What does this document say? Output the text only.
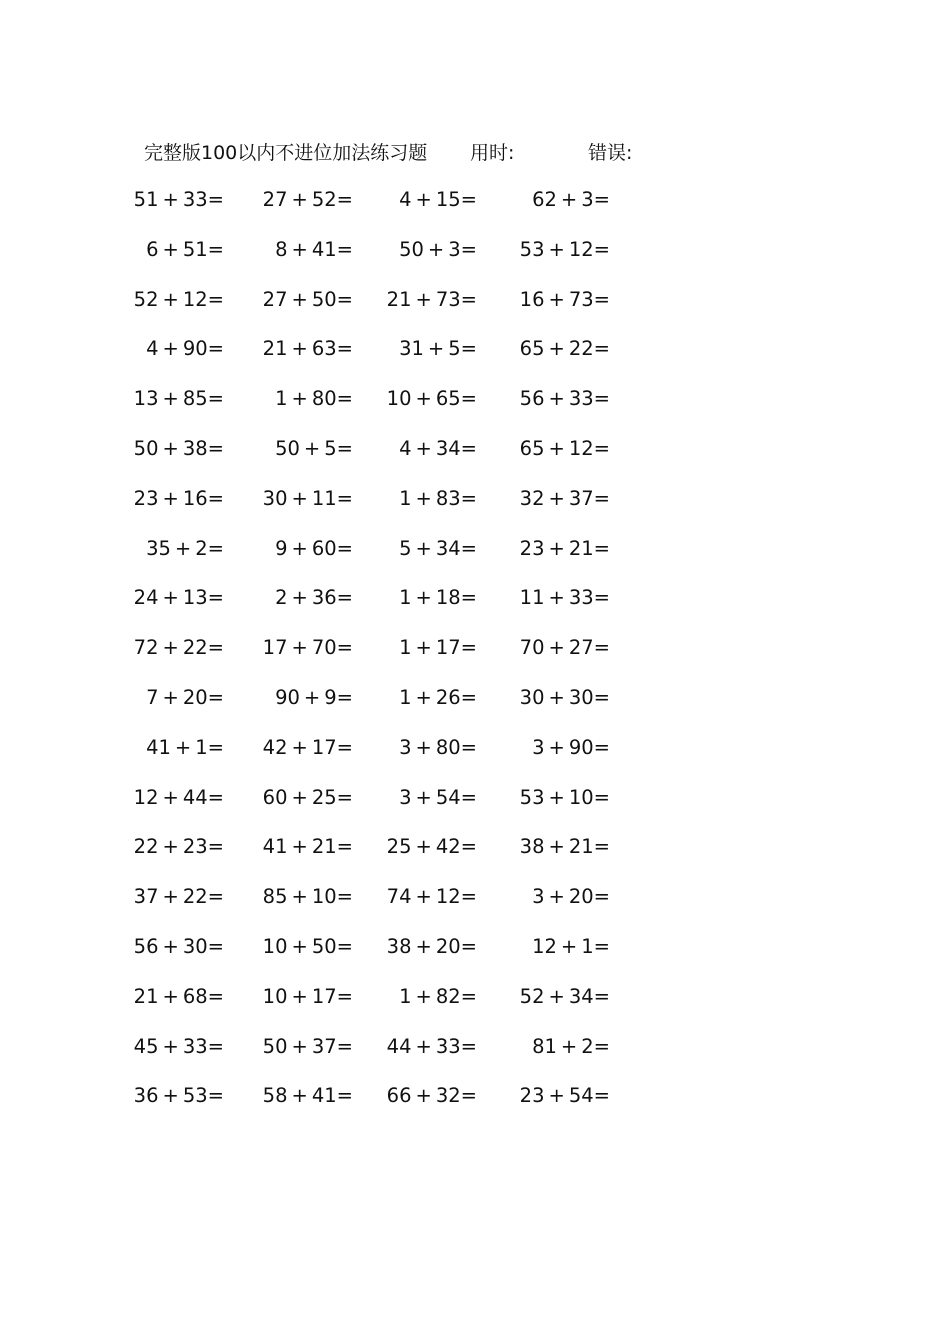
完整版100以内不进位加法练习题 用时:	错误:
51 + 33= 27 + 52= 4 + 15=	62 + 3=
6 + 51=	8 + 41= 50 + 3= 53 + 12=
52 + 12= 27 + 50= 21 + 73= 16 + 73=
4 + 90= 21 + 63= 31 + 5= 65 + 22=
13 + 85=	1 + 80= 10 + 65= 56 + 33=
50 + 38=	50 + 5= 4 + 34= 65 + 12=
23 + 16= 30 + 11= 1 + 83= 32 + 37=
35 + 2=	9 + 60= 5 + 34= 23 + 21=
24 + 13=	2 + 36= 1 + 18= 11 + 33=
72 + 22= 17 + 70= 1 + 17= 70 + 27=
7 + 20=	90 + 9= 1 + 26= 30 + 30=
41 + 1= 42 + 17= 3 + 80=	3 + 90=
12 + 44= 60 + 25= 3 + 54= 53 + 10=
22 + 23= 41 + 21= 25 + 42= 38 + 21=
37 + 22= 85 + 10= 74 + 12=	3 + 20=
56 + 30= 10 + 50= 38 + 20=	12 + 1=
21 + 68= 10 + 17= 1 + 82= 52 + 34=
45 + 33= 50 + 37= 44 + 33=	81 + 2=
36 + 53= 58 + 41= 66 + 32= 23 + 54=
